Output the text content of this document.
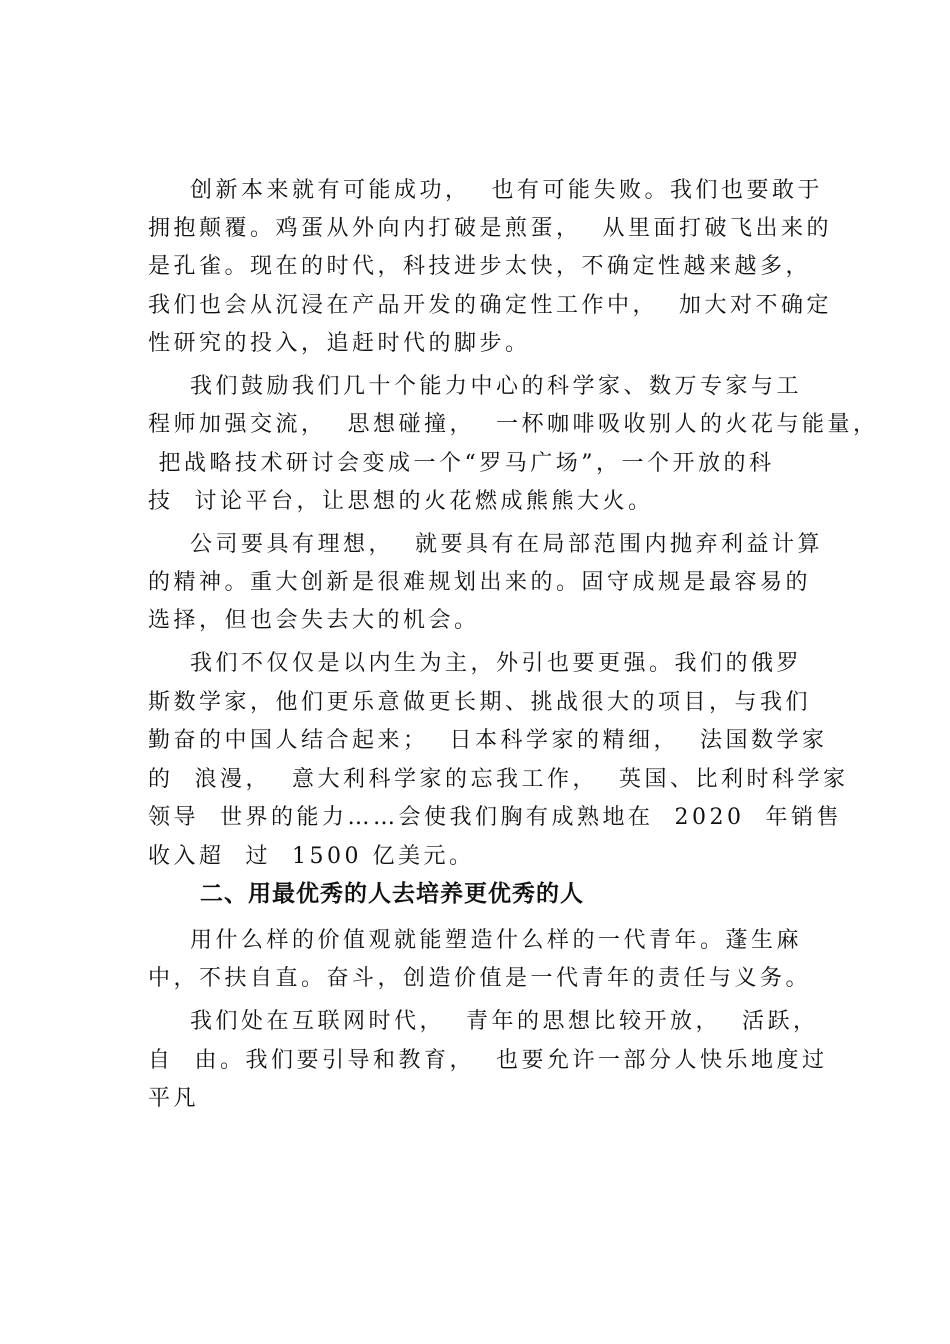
创新本来就有可能成功，  也有可能失败。我们也要敢于

拥抱颠覆。鸡蛋从外向内打破是煎蛋，  从里面打破飞出来的

是孔雀。现在的时代，科技进步太快，不确定性越来越多，

我们也会从沉浸在产品开发的确定性工作中，  加大对不确定

性研究的投入，追赶时代的脚步。

我们鼓励我们几十个能力中心的科学家、数万专家与工

程师加强交流，  思想碰撞，  一杯咖啡吸收别人的火花与能量，

把战略技术研讨会变成一个“罗马广场”，一个开放的科

技  讨论平台，让思想的火花燃成熊熊大火。

公司要具有理想，  就要具有在局部范围内抛弃利益计算

的精神。重大创新是很难规划出来的。固守成规是最容易的

选择，但也会失去大的机会。

我们不仅仅是以内生为主，外引也要更强。我们的俄罗

斯数学家，他们更乐意做更长期、挑战很大的项目，与我们

勤奋的中国人结合起来；  日本科学家的精细，  法国数学家

的  浪漫，  意大利科学家的忘我工作，  英国、比利时科学家

领导  世界的能力……会使我们胸有成熟地在  2020  年销售

收入超  过  1500 亿美元。

二、用最优秀的人去培养更优秀的人

用什么样的价值观就能塑造什么样的一代青年。蓬生麻

中，不扶自直。奋斗，创造价值是一代青年的责任与义务。

我们处在互联网时代，  青年的思想比较开放，  活跃，

自  由。我们要引导和教育，  也要允许一部分人快乐地度过

平凡
